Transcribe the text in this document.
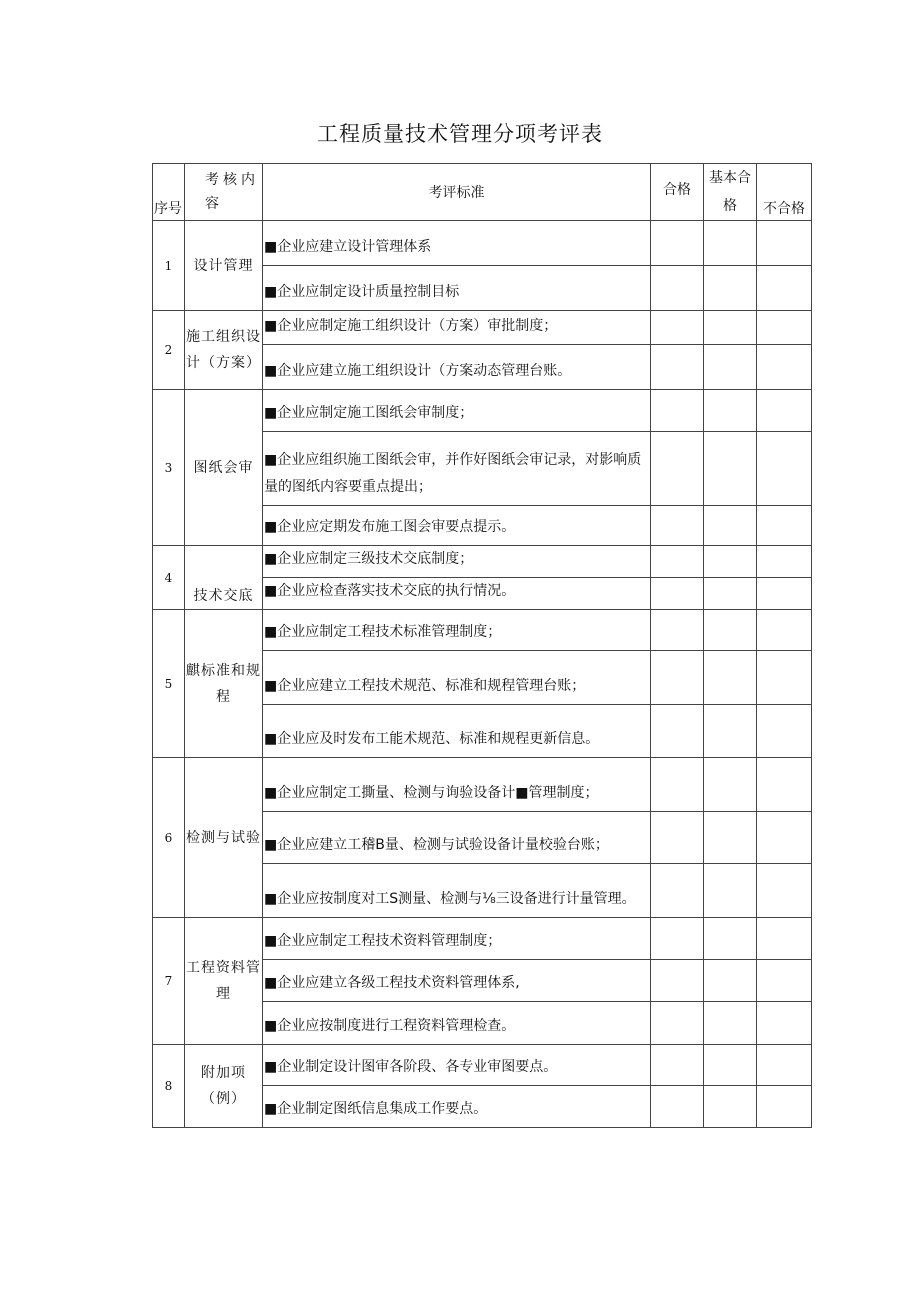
工程质量技术管理分项考评表
序号	考核内容	考评标准	合格	基本合格	不合格
1	设计管理	■企业应建立设计管理体系			
		■企业应制定设计质量控制目标			
2	施工组织设计（方案）	■企业应制定施工组织设计（方案）审批制度；			
		■企业应建立施工组织设计（方案动态管理台账。			
3	图纸会审	■企业应制定施工图纸会审制度；			
		■企业应组织施工图纸会审，并作好图纸会审记录，对影响质量的图纸内容要重点提出；			
		■企业应定期发布施工图会审要点提示。			
4	技术交底	■企业应制定三级技术交底制度；			
		■企业应检查落实技术交底的执行情况。			
5	麒标准和规程	■企业应制定工程技术标准管理制度；			
		■企业应建立工程技术规范、标准和规程管理台账；			
		■企业应及时发布工能术规范、标准和规程更新信息。			
6	检测与试验	■企业应制定工撕量、检测与询验设备计■管理制度；			
		■企业应建立工稽B量、检测与试验设备计量校验台账；			
		■企业应按制度对工S测量、检测与⅛三设备进行计量管理。			
7	工程资料管理	■企业应制定工程技术资料管理制度；			
		■企业应建立各级工程技术资料管理体系,			
		■企业应按制度进行工程资料管理检查。			
8	附加项（例）	■企业制定设计图审各阶段、各专业审图要点。			
		■企业制定图纸信息集成工作要点。			
